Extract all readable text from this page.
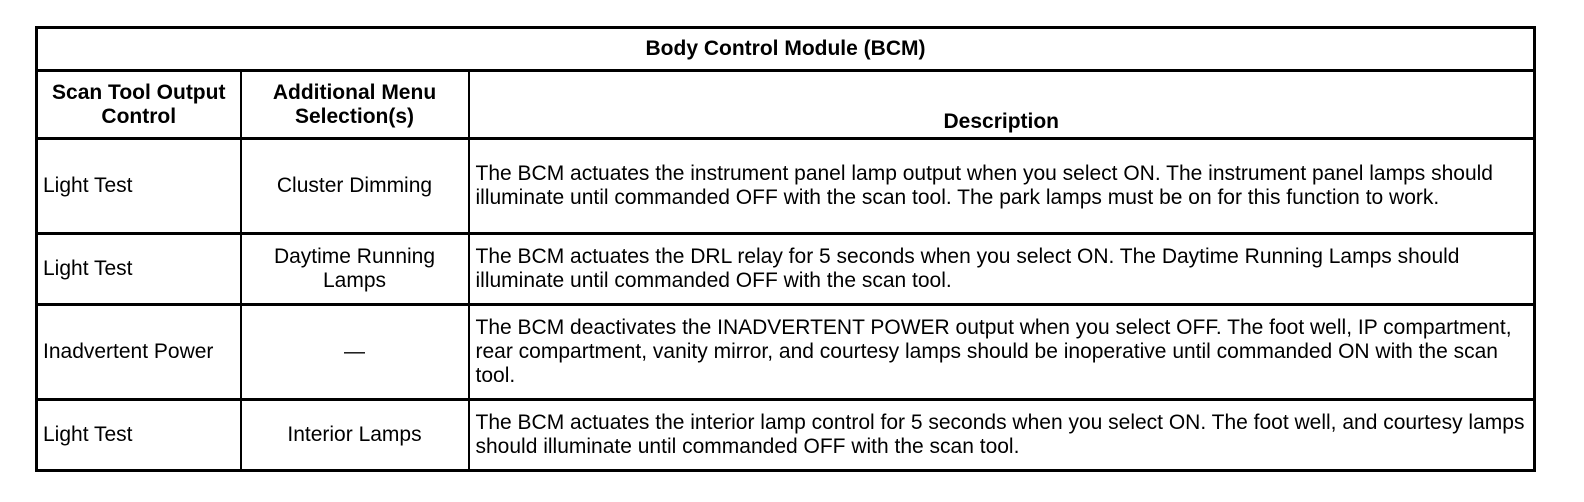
Body Control Module (BCM)		
Scan Tool Output Control	Additional Menu Selection(s)	Description
Light Test	Cluster Dimming	The BCM actuates the instrument panel lamp output when you select ON. The instrument panel lamps should illuminate until commanded OFF with the scan tool. The park lamps must be on for this function to work.
Light Test	Daytime Running Lamps	The BCM actuates the DRL relay for 5 seconds when you select ON. The Daytime Running Lamps should illuminate until commanded OFF with the scan tool.
Inadvertent Power	—	The BCM deactivates the INADVERTENT POWER output when you select OFF. The foot well, IP compartment, rear compartment, vanity mirror, and courtesy lamps should be inoperative until commanded ON with the scan tool.
Light Test	Interior Lamps	The BCM actuates the interior lamp control for 5 seconds when you select ON. The foot well, and courtesy lamps should illuminate until commanded OFF with the scan tool.
